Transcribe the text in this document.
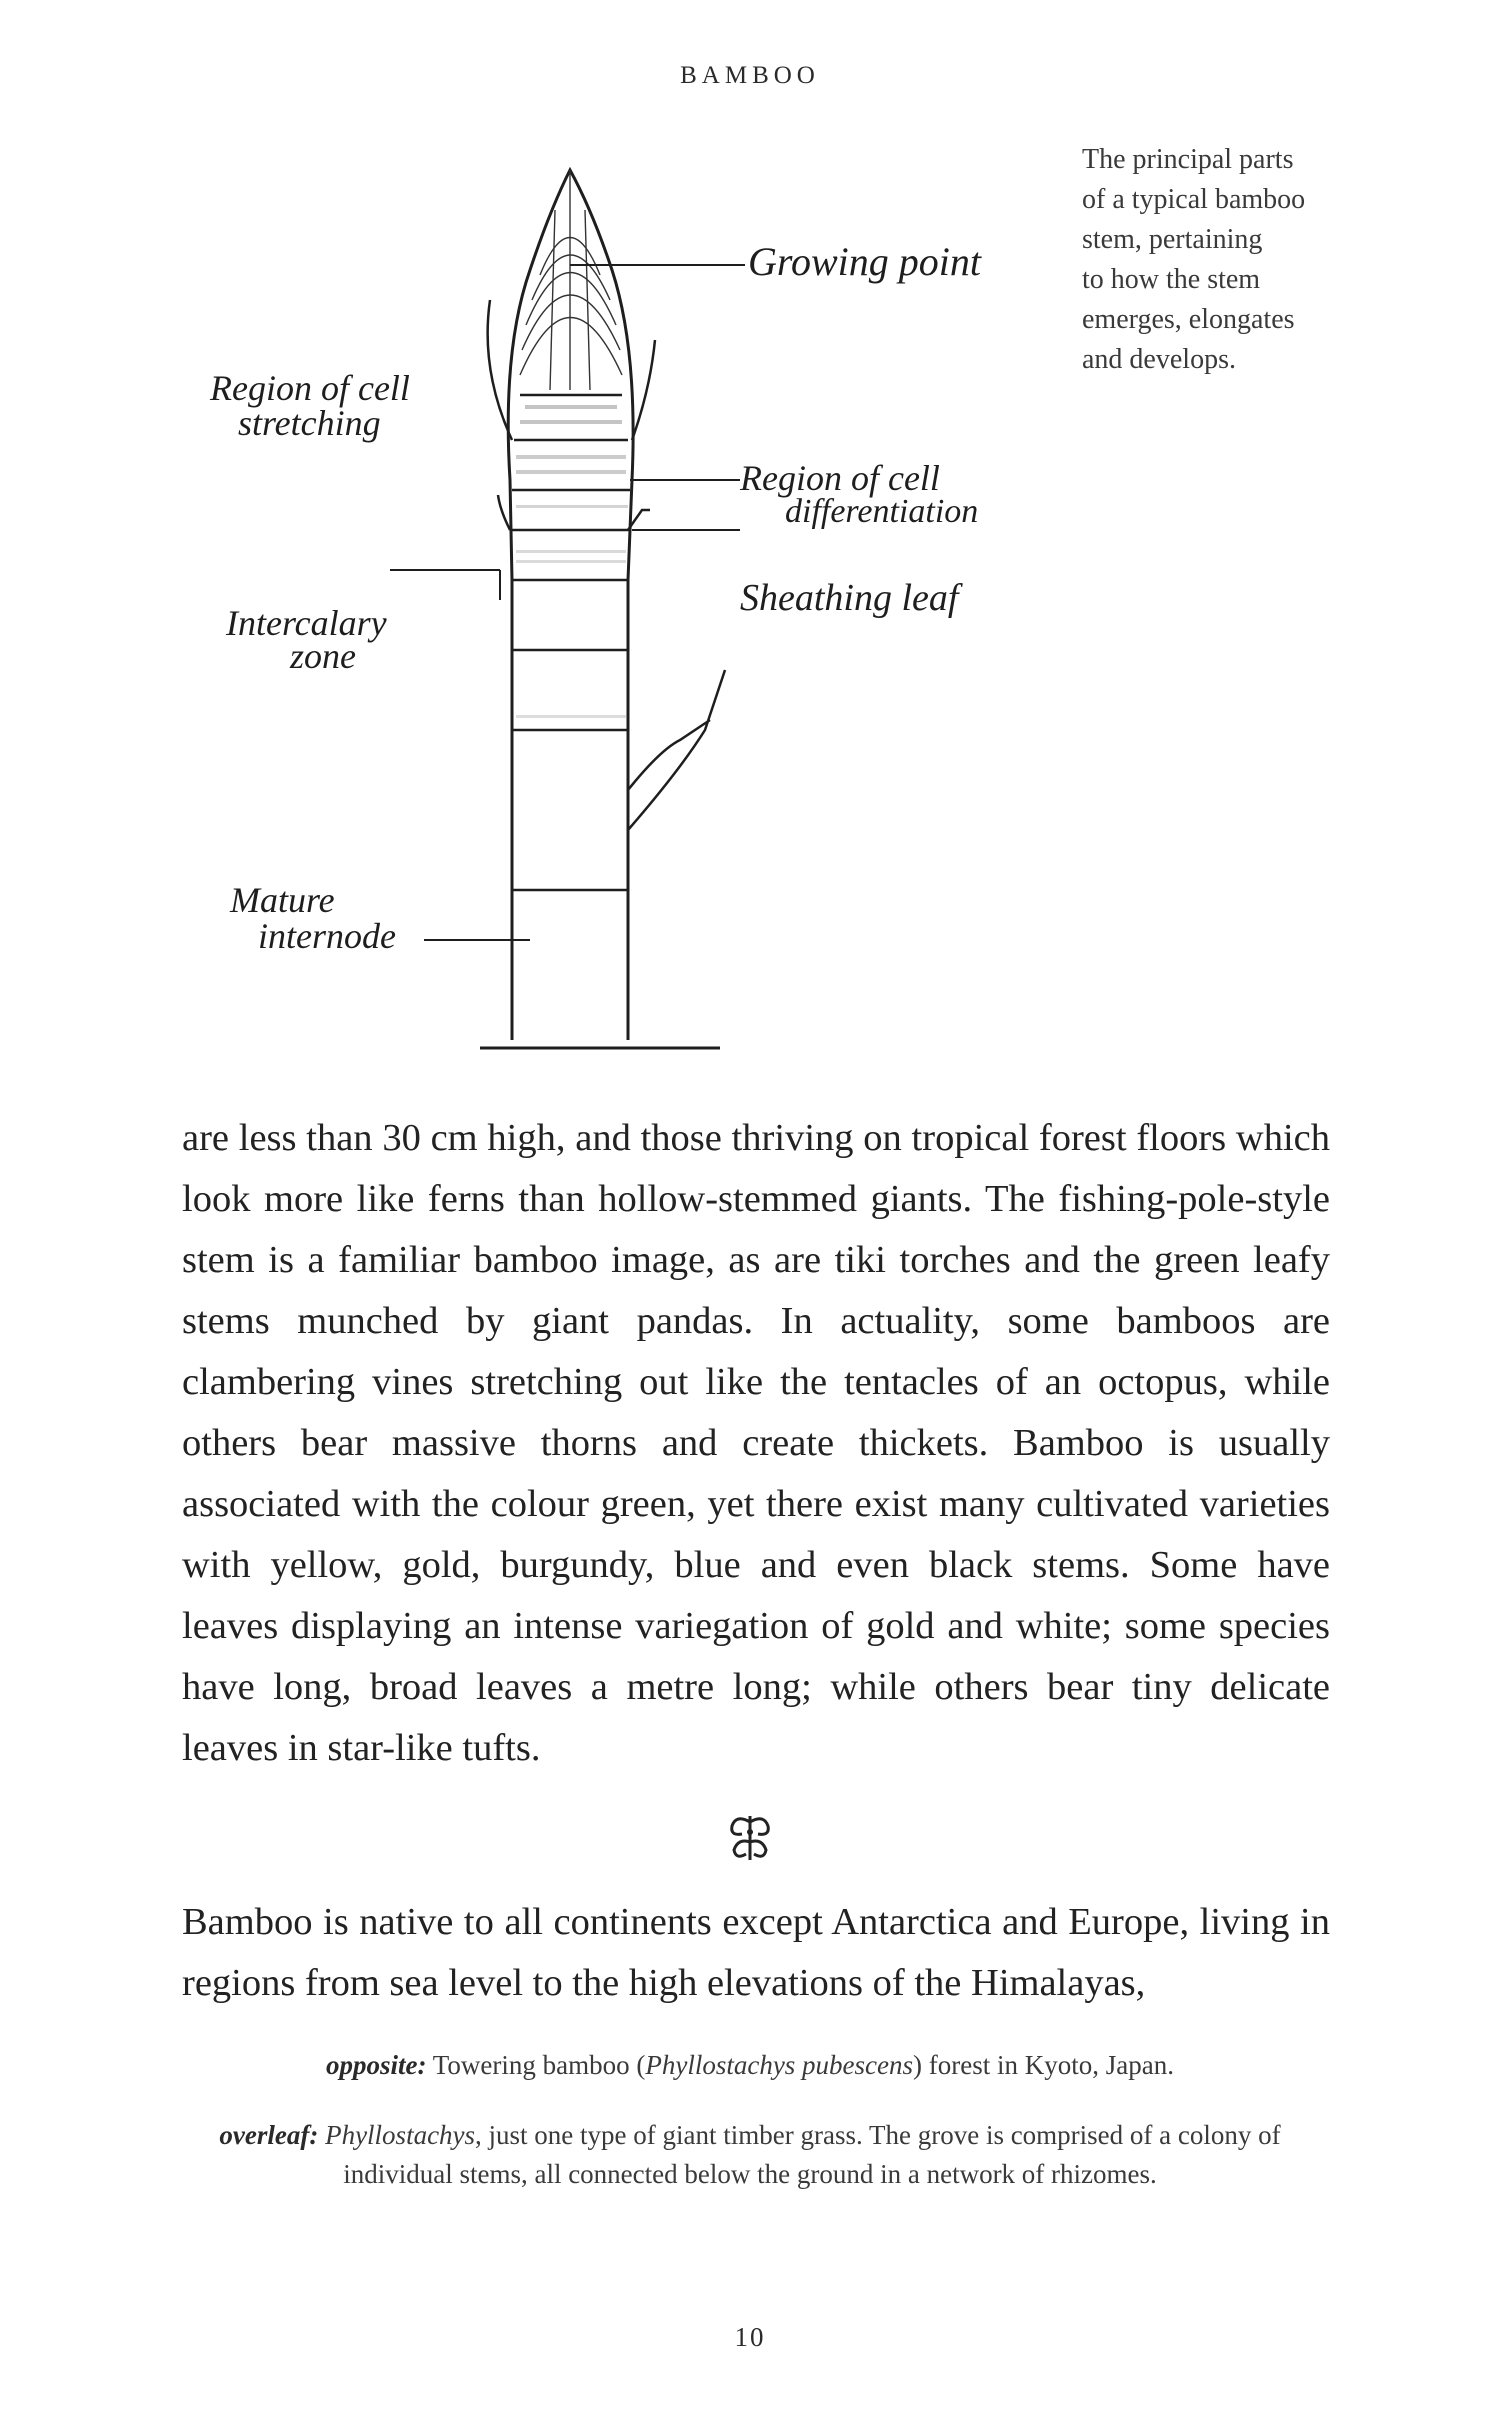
BAMBOO
Growing point
Region of cell
stretching
Region of cell
differentiation
Sheathing leaf
Intercalary
zone
Mature
internode
The principal parts
of a typical bamboo
stem, pertaining
to how the stem
emerges, elongates
and develops.

are less than 30 cm high, and those thriving on tropical forest floors which look more like ferns than hollow-stemmed giants. The fishing-pole-style stem is a familiar bamboo image, as are tiki torches and the green leafy stems munched by giant pandas. In actuality, some bamboos are clambering vines stretching out like the tentacles of an octopus, while others bear massive thorns and create thickets. Bamboo is usually associated with the colour green, yet there exist many cultivated varieties with yellow, gold, burgundy, blue and even black stems. Some have leaves displaying an intense variegation of gold and white; some species have long, broad leaves a metre long; while others bear tiny delicate leaves in star-like tufts.

Bamboo is native to all continents except Antarctica and Europe, living in regions from sea level to the high elevations of the Himalayas,

opposite: Towering bamboo (Phyllostachys pubescens) forest in Kyoto, Japan.

overleaf: Phyllostachys, just one type of giant timber grass. The grove is comprised of a colony of individual stems, all connected below the ground in a network of rhizomes.

10
